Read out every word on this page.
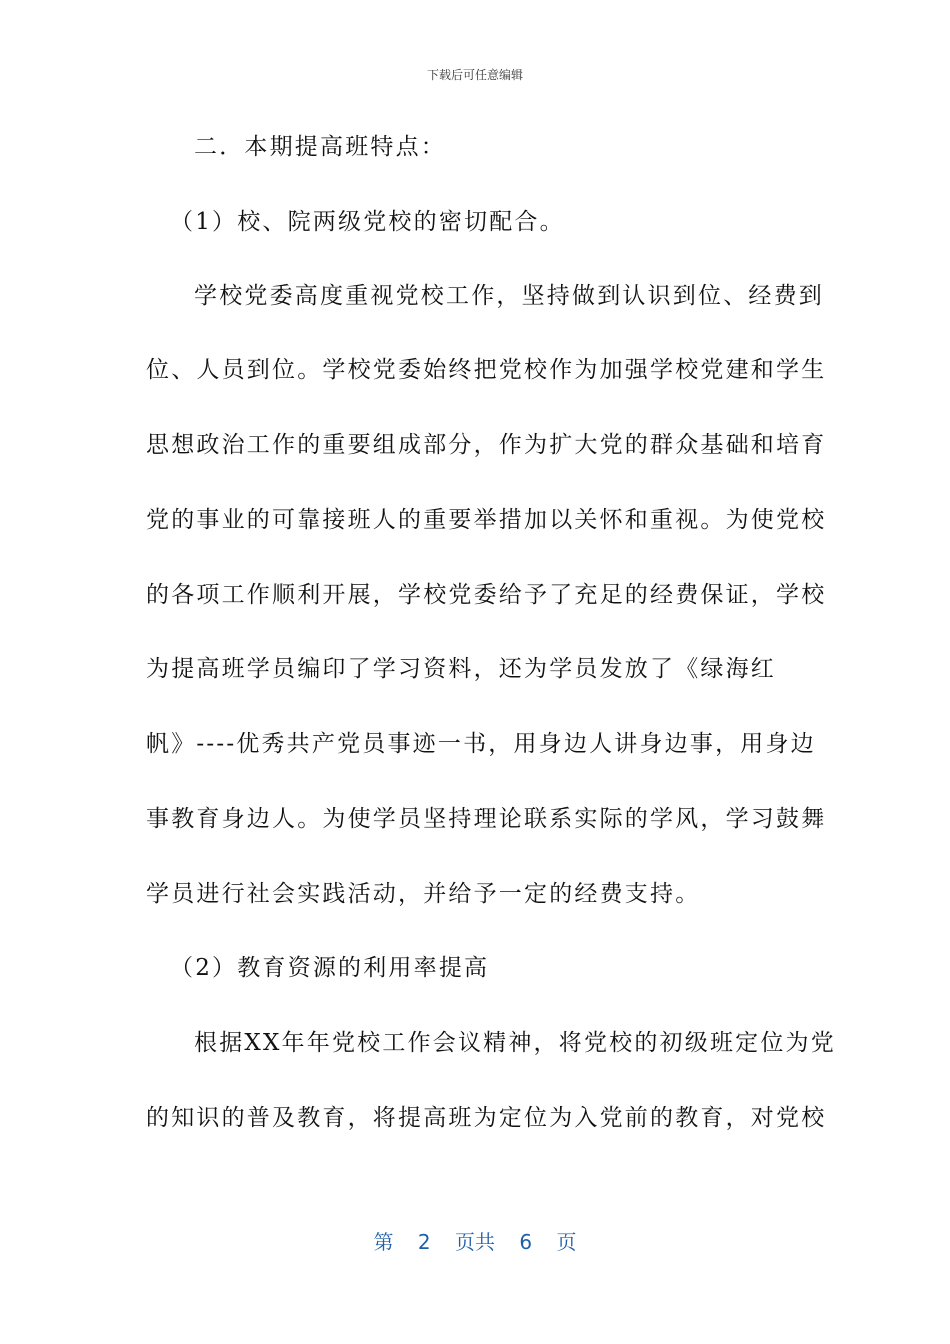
下载后可任意编辑
二．本期提高班特点：
（1）校、院两级党校的密切配合。
学校党委高度重视党校工作，坚持做到认识到位、经费到
位、人员到位。学校党委始终把党校作为加强学校党建和学生
思想政治工作的重要组成部分，作为扩大党的群众基础和培育
党的事业的可靠接班人的重要举措加以关怀和重视。为使党校
的各项工作顺利开展，学校党委给予了充足的经费保证，学校
为提高班学员编印了学习资料，还为学员发放了《绿海红
帆》----优秀共产党员事迹一书，用身边人讲身边事，用身边
事教育身边人。为使学员坚持理论联系实际的学风，学习鼓舞
学员进行社会实践活动，并给予一定的经费支持。
（2）教育资源的利用率提高
根据XX年年党校工作会议精神，将党校的初级班定位为党
的知识的普及教育，将提高班为定位为入党前的教育，对党校
第 2 页共 6 页
